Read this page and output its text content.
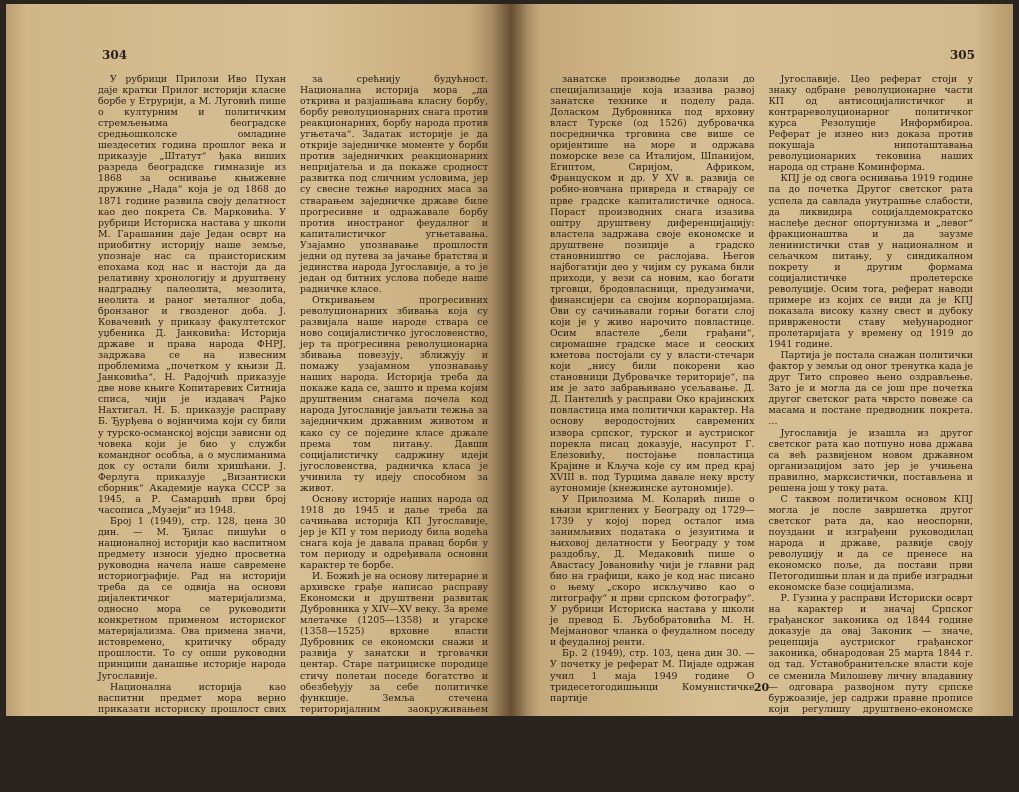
304

У рубрици Прилози Иво Пухан даје кратки Прилог историји класне борбе у Етрурији, а М. Луговић пише о културним и политичким стремљењима београдске средњошколске омладине шездесетих година прошлог века и приказује „Штатут“ ђака виших разреда београдске гимназије из 1868 за оснивање књижевне дружине „Нада“ која је од 1868 до 1871 године развила своју делатност као део покрета Св. Марковића. У рубрици Историска настава у школи М. Гарашанин даје Један осврт на приобитну историју наше земље, упознаје нас са праисториским епохама код нас и настоји да да релативну хронологију и друштвену надградњу палеолита, мезолита, неолита и раног металног доба, бронзаног и гвозденог доба. Ј. Ковачевић у приказу факултетског уџбеника Д. Јанковића: Историја државе и права народа ФНРЈ, задржава се на извесним проблемима „почетком у књизи Д. Јанковића“. Н. Радојчић приказује две нове књиге Копитаревих Ситнија списа, чији је издавач Рајко Нахтигал. Н. Б. приказује расправу Б. Ђурђева о војничима који су били у турско-османској војсци зависни од човека који је био у служби командног особља, а о муслиманима док су остали били хришћани. Ј. Ферлуга приказује „Византиски сборник“ Академије наука СССР за 1945, а Р. Самарџић први број часописа „Музеји“ из 1948.

Број 1 (1949), стр. 128, цена 30 дин. — М. Ђилас пишући о националној историји као васпитном предмету износи уједно просветна руководна начела наше савремене историографије. Рад на историји треба да се одвија на основи дијалектичког материјализма, односно мора се руководити конкретном применом историског материјализма. Ова примена значи, истовремено, критичку обраду прошлости. То су опши руководни принципи данашње историје народа Југославије.

Национална историја као васпитни предмет мора верно приказати историску прошлост свих народа Југославије, јер узајамно упознавање прошлости одвија њихове везе у садашњости, њихову заједничку борбу

за срећнију будућност. Национална историја мора „да открива и разјашњава класну борбу, борбу револуционарних снага против реакционарних, борбу народа против угњетача“. Задатак историје је да открије заједничке моменте у борби против заједничких реакционарних непријатеља и да покаже сродност развитка под сличним условима, јер су свесне тежње народних маса за стварањем заједничке државе биле прогресивне и одражавале борбу против иностраног феудалног и капиталистичког угњетавања. Узајамно упознавање прошлости једни од путева за јачање братства и јединства народа Југославије, а то је један од битних услова победе наше радничке класе.

Откривањем прогресивних револуционарних збивања која су развијала наше народе ствара се ново социјалистичко југословенство, јер та прогресивна револуционарна збивања повезују, зближују и помажу узајамном упознавању наших народа. Историја треба да покаже када се, зашто и према којим друштвеним снагама почела код народа Југославије јављати тежња за заједничким државним животом и како су се поједине класе држале према том питању. Давши социјалистичку садржину идеји југословенства, радничка класа је учинила ту идеју способном за живот.

Основу историје наших народа од 1918 до 1945 и даље треба да сачињава историја КП Југославије, јер је КП у том периоду била водећа снага која је давала правац борби у том периоду и одређивала основни карактер те борбе.

И. Божић је на основу литерарне и архивске грађе написао расправу Економски и друштвени развитак Дубровника у XIV—XV веку. За време млетачке (1205—1358) и угарске (1358—1525) врховне власти Дубровник се економски снажи и развија у занатски и трговачки центар. Старе патрициске породице стичу полетан поседе богатство и обезбеђују за себе политичке функције. Земља стечена територијалним заокруживањем Дубровника у првој половини XIV в. раздељена је дубровачкој властели, док су затечени сељаци претворени у кметове и у кметском положају остали до краја Дубровачке републике. У првој половини XV в. услед развитка

305

занатске производње долази до специјализације која изазива развој занатске технике и поделу рада. Доласком Дубровника под врховну власт Турске (од 1526) дубровачка посредничка трговина све више се оријентише на море и одржава поморске везе са Италијом, Шпанијом, Египтом, Сиријом, Африком, Француском и др. У XV в. развија се робно-новчана привреда и стварају се прве градске капиталистичке односа. Пораст производних снага изазива оштру друштвену диференцијацију: властела задржава своје економске и друштвене позиције а градско становништво се раслојава. Његов најбогатији део у чијим су рукама били приходи, у вези са новим, као богати трговци, бродовласници, предузимачи, финансијери са својим корпорацијама. Ови су сачињавали горњи богати слој који је у живо нарочито повластице. Осим властеле „бели грађани“, сиромашне градске масе и сеоских кметова постојали су у власти-стечари који „нису били покорени као становници Дубровачке територије“, па им је зато забрањивано усељавање. Д. Д. Пантелић у расправи Око крајинских повластица има политички карактер. На основу веродостојних савремених извора српског, турског и аустриског порекла писац доказује, насупрот Г. Елезовићу, постојање повластица Крајине и Кључа које су им пред крај XVIII в. под Турцима давале неку врсту аутономије (кнежинске аутономије).

У Прилозима М. Коларић пише о књизи криглених у Београду од 1729—1739 у којој поред осталог има занимљивих података о језуитима и њиховој делатности у Београду у том раздобљу, Д. Медаковић пише о Авастасу Јовановићу чији је главни рад био на графици, како је код нас писано о њему „скоро искључиво као о литографу“ и први српском фотографу“. У рубрици Историска настава у школи је превод Б. Љубобратовића М. Н. Мејмановог чланка о феудалном поседу и феудалној ренти.

Бр. 2 (1949), стр. 103, цена дин 30. — У почетку је реферат М. Пијаде одржан учил 1 маја 1949 године О тридесетогодишњици Комунистичке партије

Југославије. Цео реферат стоји у знаку одбране револуционарне части КП од антисоцијалистичког и контрареволуционарног политичког курса Резолуције Информбироа. Реферат је изнео низ доказа против покушаја нипоташтавања револуционарних тековина наших народа од стране Коминформа.

КПЈ је од свога оснивања 1919 године па до почетка Другог светског рата успела да савлада унутрашње слабости, да ликвидира социјалдемократско наслеђе десног опортунизма и „левог“ фракционаштва и да заузме ленинистички став у националном и сељачком питању, у синдикалном покрету и другим формама социјалистичке пролетерске револуције. Осим тога, реферат наводи примере из којих се види да је КПЈ показала високу казну свест и дубоку привржености ставу међународног пролетаријата у времену од 1919 до 1941 године.

Партија је постала снажан политички фактор у земљи од оног тренутка када је друг Тито спровео њено оздрављење. Зато је и могла да се још пре почетка другог светског рата чврсто повеже са масама и постане предводник покрета. ...

Југославија је изашла из другог светског рата као потпуно нова држава са већ развијеном новом државном организацијом зато јер је учињена правилно, марксистички, постављена и решена још у току рата.

С таквом политичком основом КПЈ могла је после завршетка другог светског рата да, као неоспорни, поуздани и изграђени руководилац народа и државе, развије своју револуцију и да се пренесе на економско поље, да постави први Петогодишњи план и да прибе изградњи економске базе социјализма.

Р. Гузина у расправи Историски осврт на карактер и значај Српског грађанског законика од 1844 године доказује да овај Законик — значе, рецепција аустриског грађанског законика, обнародован 25 марта 1844 г. од тад. Уставобранитељске власти које се сменила Милошеву личну владавину — одговара развојном путу српске буржоазије, јер садржи правне прописе који регулишу друштвено-економске односе капиталистичког друштва. Овај Законик је био потребан младој бур-

20
